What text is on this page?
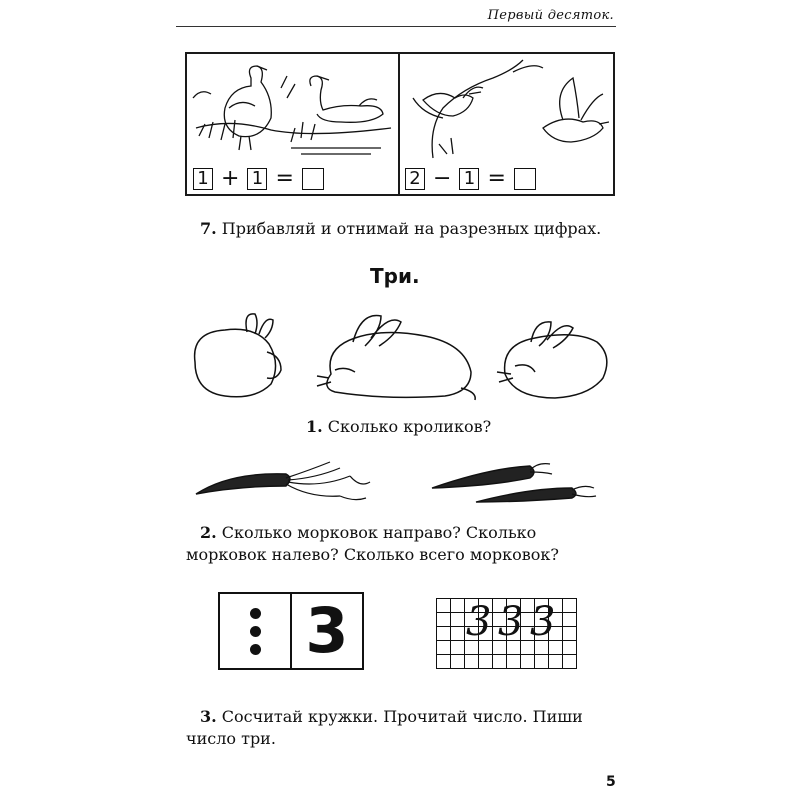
Первый десяток.
1 + 1 =	2 − 1 =
7. Прибавляй и отнимай на разрезных цифрах.
Три.
1. Сколько кроликов?
2. Сколько морковок направо? Сколько морковок налево? Сколько всего морковок?
3	3 3 3
3. Сосчитай кружки. Прочитай число. Пиши число три.
5
